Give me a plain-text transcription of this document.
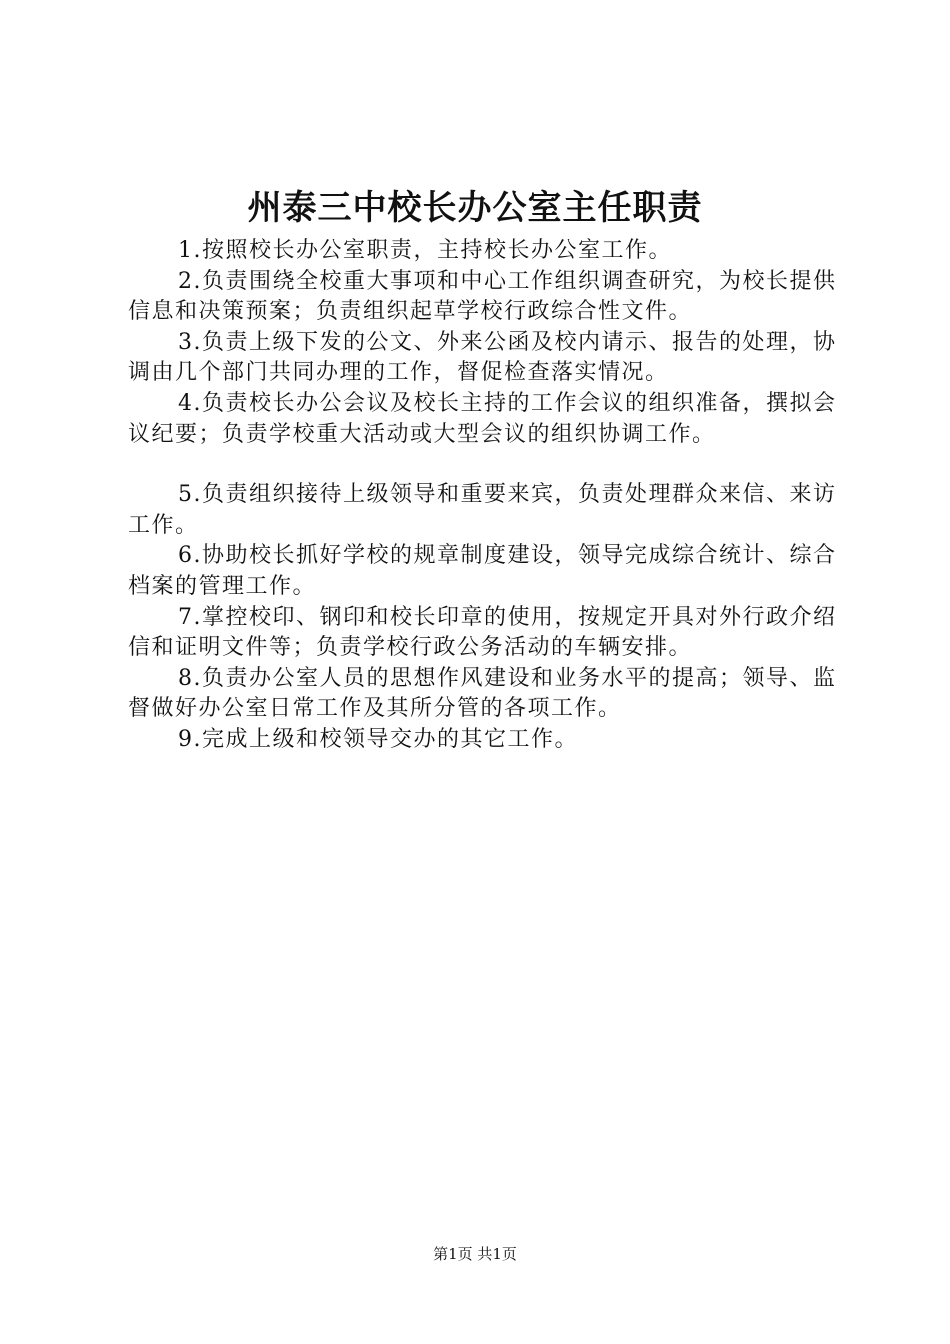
州泰三中校长办公室主任职责

1.按照校长办公室职责，主持校长办公室工作。

2.负责围绕全校重大事项和中心工作组织调查研究，为校长提供信息和决策预案；负责组织起草学校行政综合性文件。

3.负责上级下发的公文、外来公函及校内请示、报告的处理，协调由几个部门共同办理的工作，督促检查落实情况。

4.负责校长办公会议及校长主持的工作会议的组织准备，撰拟会议纪要；负责学校重大活动或大型会议的组织协调工作。

5.负责组织接待上级领导和重要来宾，负责处理群众来信、来访工作。

6.协助校长抓好学校的规章制度建设，领导完成综合统计、综合档案的管理工作。

7.掌控校印、钢印和校长印章的使用，按规定开具对外行政介绍信和证明文件等；负责学校行政公务活动的车辆安排。

8.负责办公室人员的思想作风建设和业务水平的提高；领导、监督做好办公室日常工作及其所分管的各项工作。

9.完成上级和校领导交办的其它工作。

第1页 共1页
